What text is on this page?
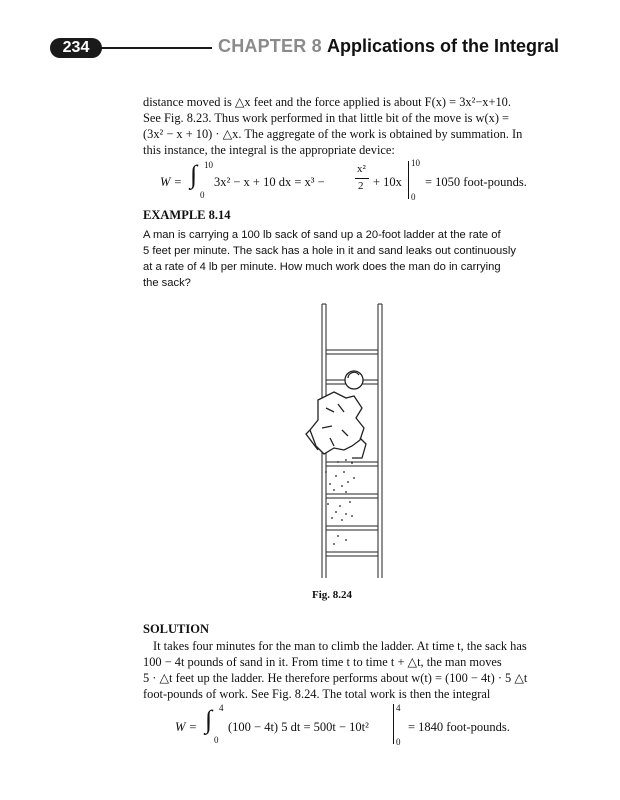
234	CHAPTER 8 Applications of the Integral

distance moved is △x feet and the force applied is about F(x) = 3x²−x+10.

See Fig. 8.23. Thus work performed in that little bit of the move is w(x) =

(3x² − x + 10) · △x. The aggregate of the work is obtained by summation. In

this instance, the integral is the appropriate device:

W = ∫ 10
0
3x² − x + 10 dx = x³ −
x²
2 + 10x
10
0
= 1050 foot-pounds.
EXAMPLE 8.14
A man is carrying a 100 lb sack of sand up a 20-foot ladder at the rate of
5 feet per minute. The sack has a hole in it and sand leaks out continuously
at a rate of 4 lb per minute. How much work does the man do in carrying
the sack?
Fig. 8.24
SOLUTION

It takes four minutes for the man to climb the ladder. At time t, the sack has

100 − 4t pounds of sand in it. From time t to time t + △t, the man moves

5 · △t feet up the ladder. He therefore performs about w(t) = (100 − 4t) · 5 △t

foot-pounds of work. See Fig. 8.24. The total work is then the integral

W = ∫ 4
0
(100 − 4t) 5 dt = 500t − 10t²
4
0
= 1840 foot-pounds.
